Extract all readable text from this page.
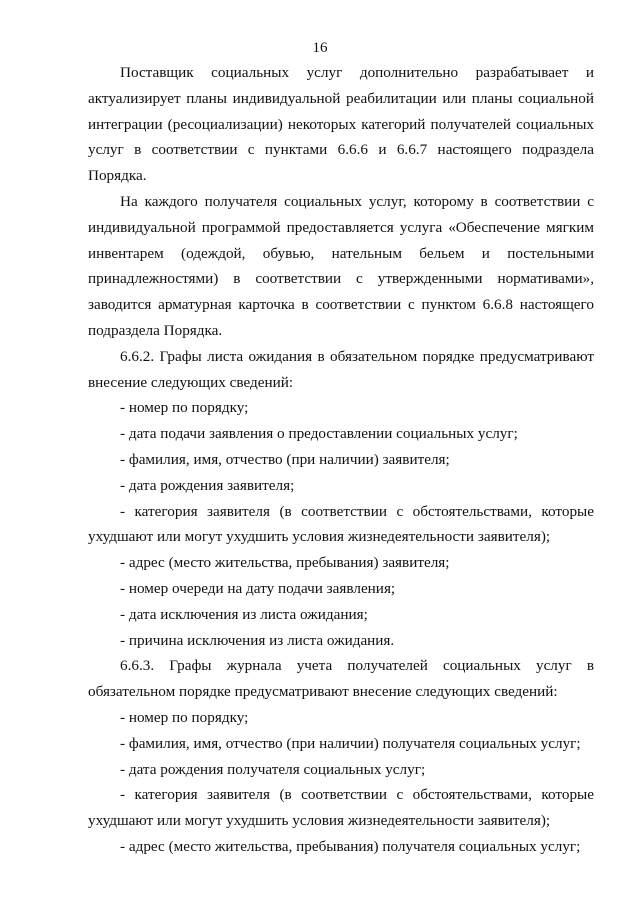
16

Поставщик социальных услуг дополнительно разрабатывает и актуализирует планы индивидуальной реабилитации или планы социальной интеграции (ресоциализации) некоторых категорий получателей социальных услуг в соответствии с пунктами 6.6.6 и 6.6.7 настоящего подраздела Порядка.

На каждого получателя социальных услуг, которому в соответствии с индивидуальной программой предоставляется услуга «Обеспечение мягким инвентарем (одеждой, обувью, нательным бельем и постельными принадлежностями) в соответствии с утвержденными нормативами», заводится арматурная карточка в соответствии с пунктом 6.6.8 настоящего подраздела Порядка.

6.6.2. Графы листа ожидания в обязательном порядке предусматривают внесение следующих сведений:

- номер по порядку;

- дата подачи заявления о предоставлении социальных услуг;

- фамилия, имя, отчество (при наличии) заявителя;

- дата рождения заявителя;

- категория заявителя (в соответствии с обстоятельствами, которые ухудшают или могут ухудшить условия жизнедеятельности заявителя);

- адрес (место жительства, пребывания) заявителя;

- номер очереди на дату подачи заявления;

- дата исключения из листа ожидания;

- причина исключения из листа ожидания.

6.6.3. Графы журнала учета получателей социальных услуг в обязательном порядке предусматривают внесение следующих сведений:

- номер по порядку;

- фамилия, имя, отчество (при наличии) получателя социальных услуг;

- дата рождения получателя социальных услуг;

- категория заявителя (в соответствии с обстоятельствами, которые ухудшают или могут ухудшить условия жизнедеятельности заявителя);

- адрес (место жительства, пребывания) получателя социальных услуг;
